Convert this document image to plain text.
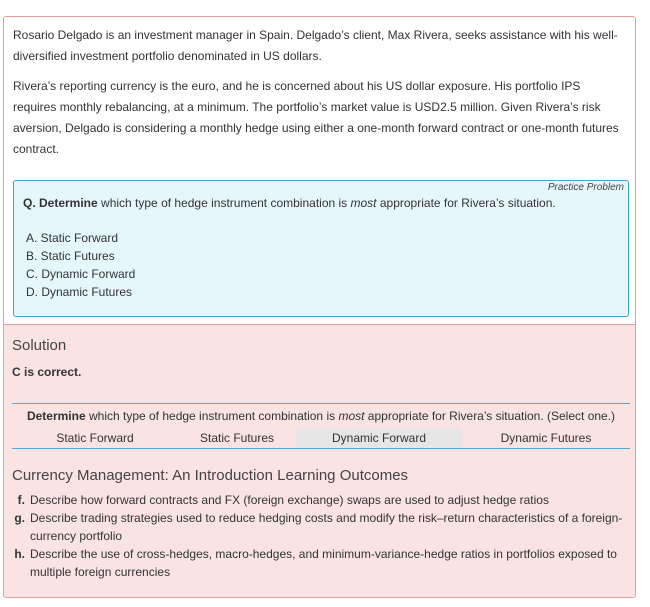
Rosario Delgado is an investment manager in Spain. Delgado’s client, Max Rivera, seeks assistance with his well-diversified investment portfolio denominated in US dollars.

Rivera’s reporting currency is the euro, and he is concerned about his US dollar exposure. His portfolio IPS requires monthly rebalancing, at a minimum. The portfolio’s market value is USD2.5 million. Given Rivera’s risk aversion, Delgado is considering a monthly hedge using either a one-month forward contract or one-month futures contract.

Practice Problem
Q. Determine which type of hedge instrument combination is most appropriate for Rivera’s situation.
A. Static Forward
B. Static Futures
C. Dynamic Forward
D. Dynamic Futures
Solution
C is correct.
Determine which type of hedge instrument combination is most appropriate for Rivera’s situation. (Select one.)
Static Forward	Static Futures	Dynamic Forward	Dynamic Futures
Currency Management: An Introduction Learning Outcomes
f. Describe how forward contracts and FX (foreign exchange) swaps are used to adjust hedge ratios
g. Describe trading strategies used to reduce hedging costs and modify the risk–return characteristics of a foreign-currency portfolio
h. Describe the use of cross-hedges, macro-hedges, and minimum-variance-hedge ratios in portfolios exposed to multiple foreign currencies
